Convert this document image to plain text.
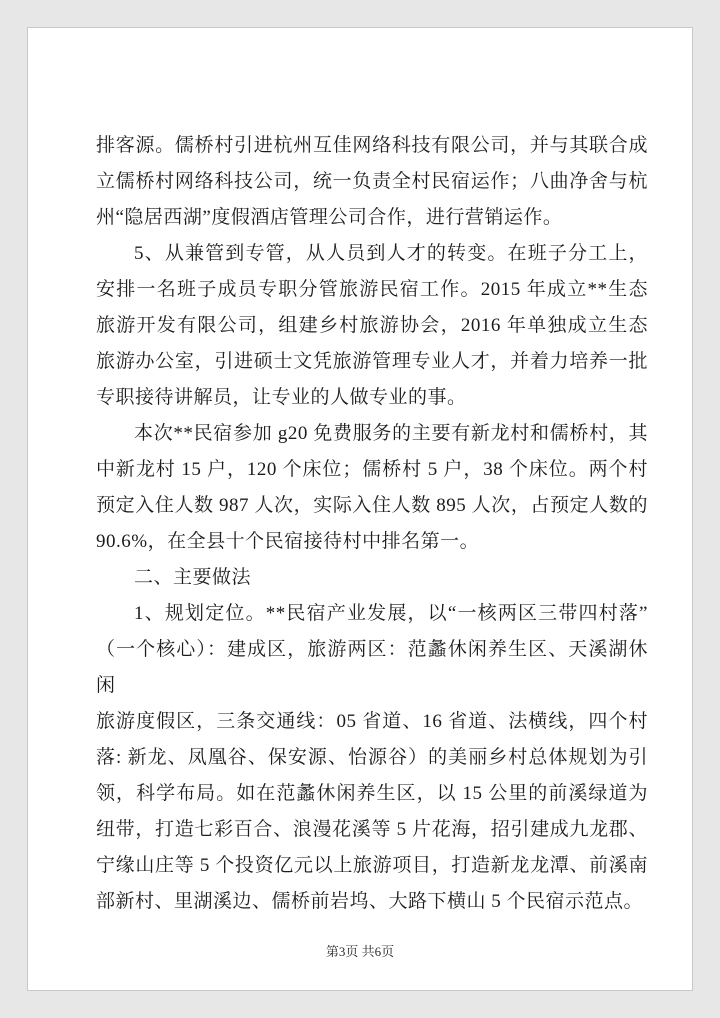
排客源。儒桥村引进杭州互佳网络科技有限公司，并与其联合成
立儒桥村网络科技公司，统一负责全村民宿运作；八曲净舍与杭
州“隐居西湖”度假酒店管理公司合作，进行营销运作。
5、从兼管到专管，从人员到人才的转变。在班子分工上，
安排一名班子成员专职分管旅游民宿工作。2015 年成立**生态
旅游开发有限公司，组建乡村旅游协会，2016 年单独成立生态
旅游办公室，引进硕士文凭旅游管理专业人才，并着力培养一批
专职接待讲解员，让专业的人做专业的事。
本次**民宿参加 g20 免费服务的主要有新龙村和儒桥村，其
中新龙村 15 户，120 个床位；儒桥村 5 户，38 个床位。两个村
预定入住人数 987 人次，实际入住人数 895 人次，占预定人数的
90.6%，在全县十个民宿接待村中排名第一。
二、主要做法
1、规划定位。**民宿产业发展，以“一核两区三带四村落”
（一个核心）：建成区，旅游两区：范蠡休闲养生区、天溪湖休闲
旅游度假区，三条交通线：05 省道、16 省道、法横线，四个村
落: 新龙、凤凰谷、保安源、怡源谷）的美丽乡村总体规划为引
领，科学布局。如在范蠡休闲养生区，以 15 公里的前溪绿道为
纽带，打造七彩百合、浪漫花溪等 5 片花海，招引建成九龙郡、
宁缘山庄等 5 个投资亿元以上旅游项目，打造新龙龙潭、前溪南
部新村、里湖溪边、儒桥前岩坞、大路下横山 5 个民宿示范点。
第3页 共6页
